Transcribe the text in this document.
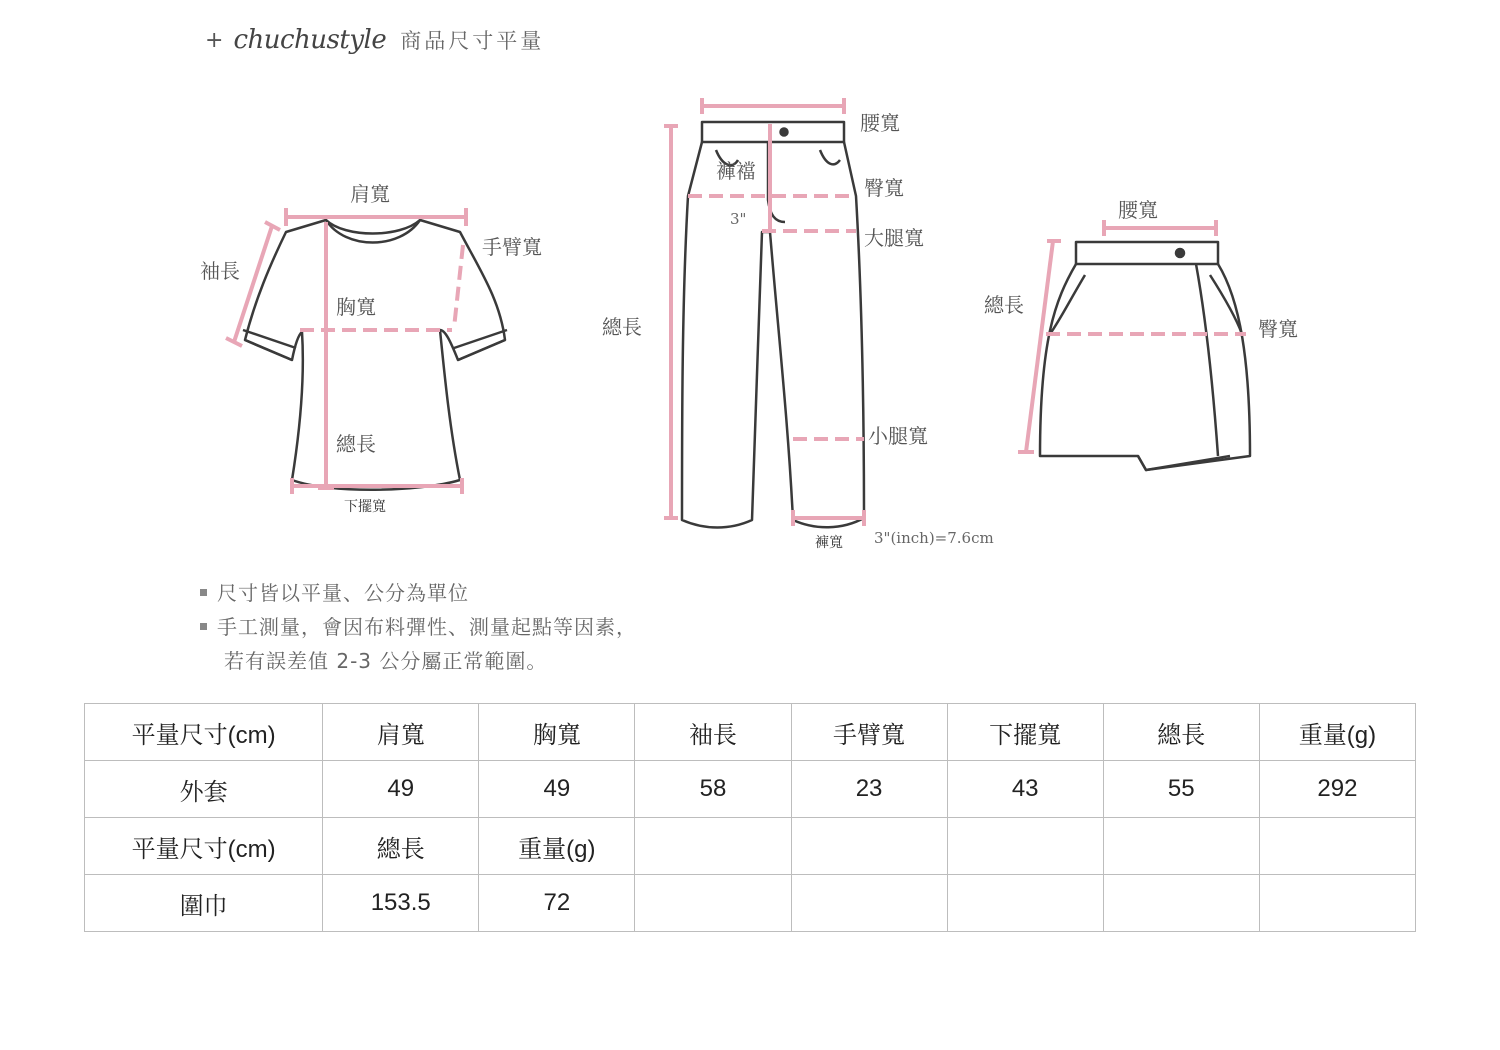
+ chuchustyle 商品尺寸平量
肩寬
袖長
手臂寬
胸寬
總長
下擺寬
腰寬
褲襠
臀寬
大腿寬
總長
小腿寬
褲寬
3"
3"(inch)=7.6cm
腰寬
總長
臀寬
尺寸皆以平量、公分為單位
手工測量，會因布料彈性、測量起點等因素，
若有誤差值 2-3 公分屬正常範圍。
平量尺寸(cm)	肩寬	胸寬	袖長	手臂寬	下擺寬	總長	重量(g)
外套	49	49	58	23	43	55	292
平量尺寸(cm)	總長	重量(g)					
圍巾	153.5	72					
